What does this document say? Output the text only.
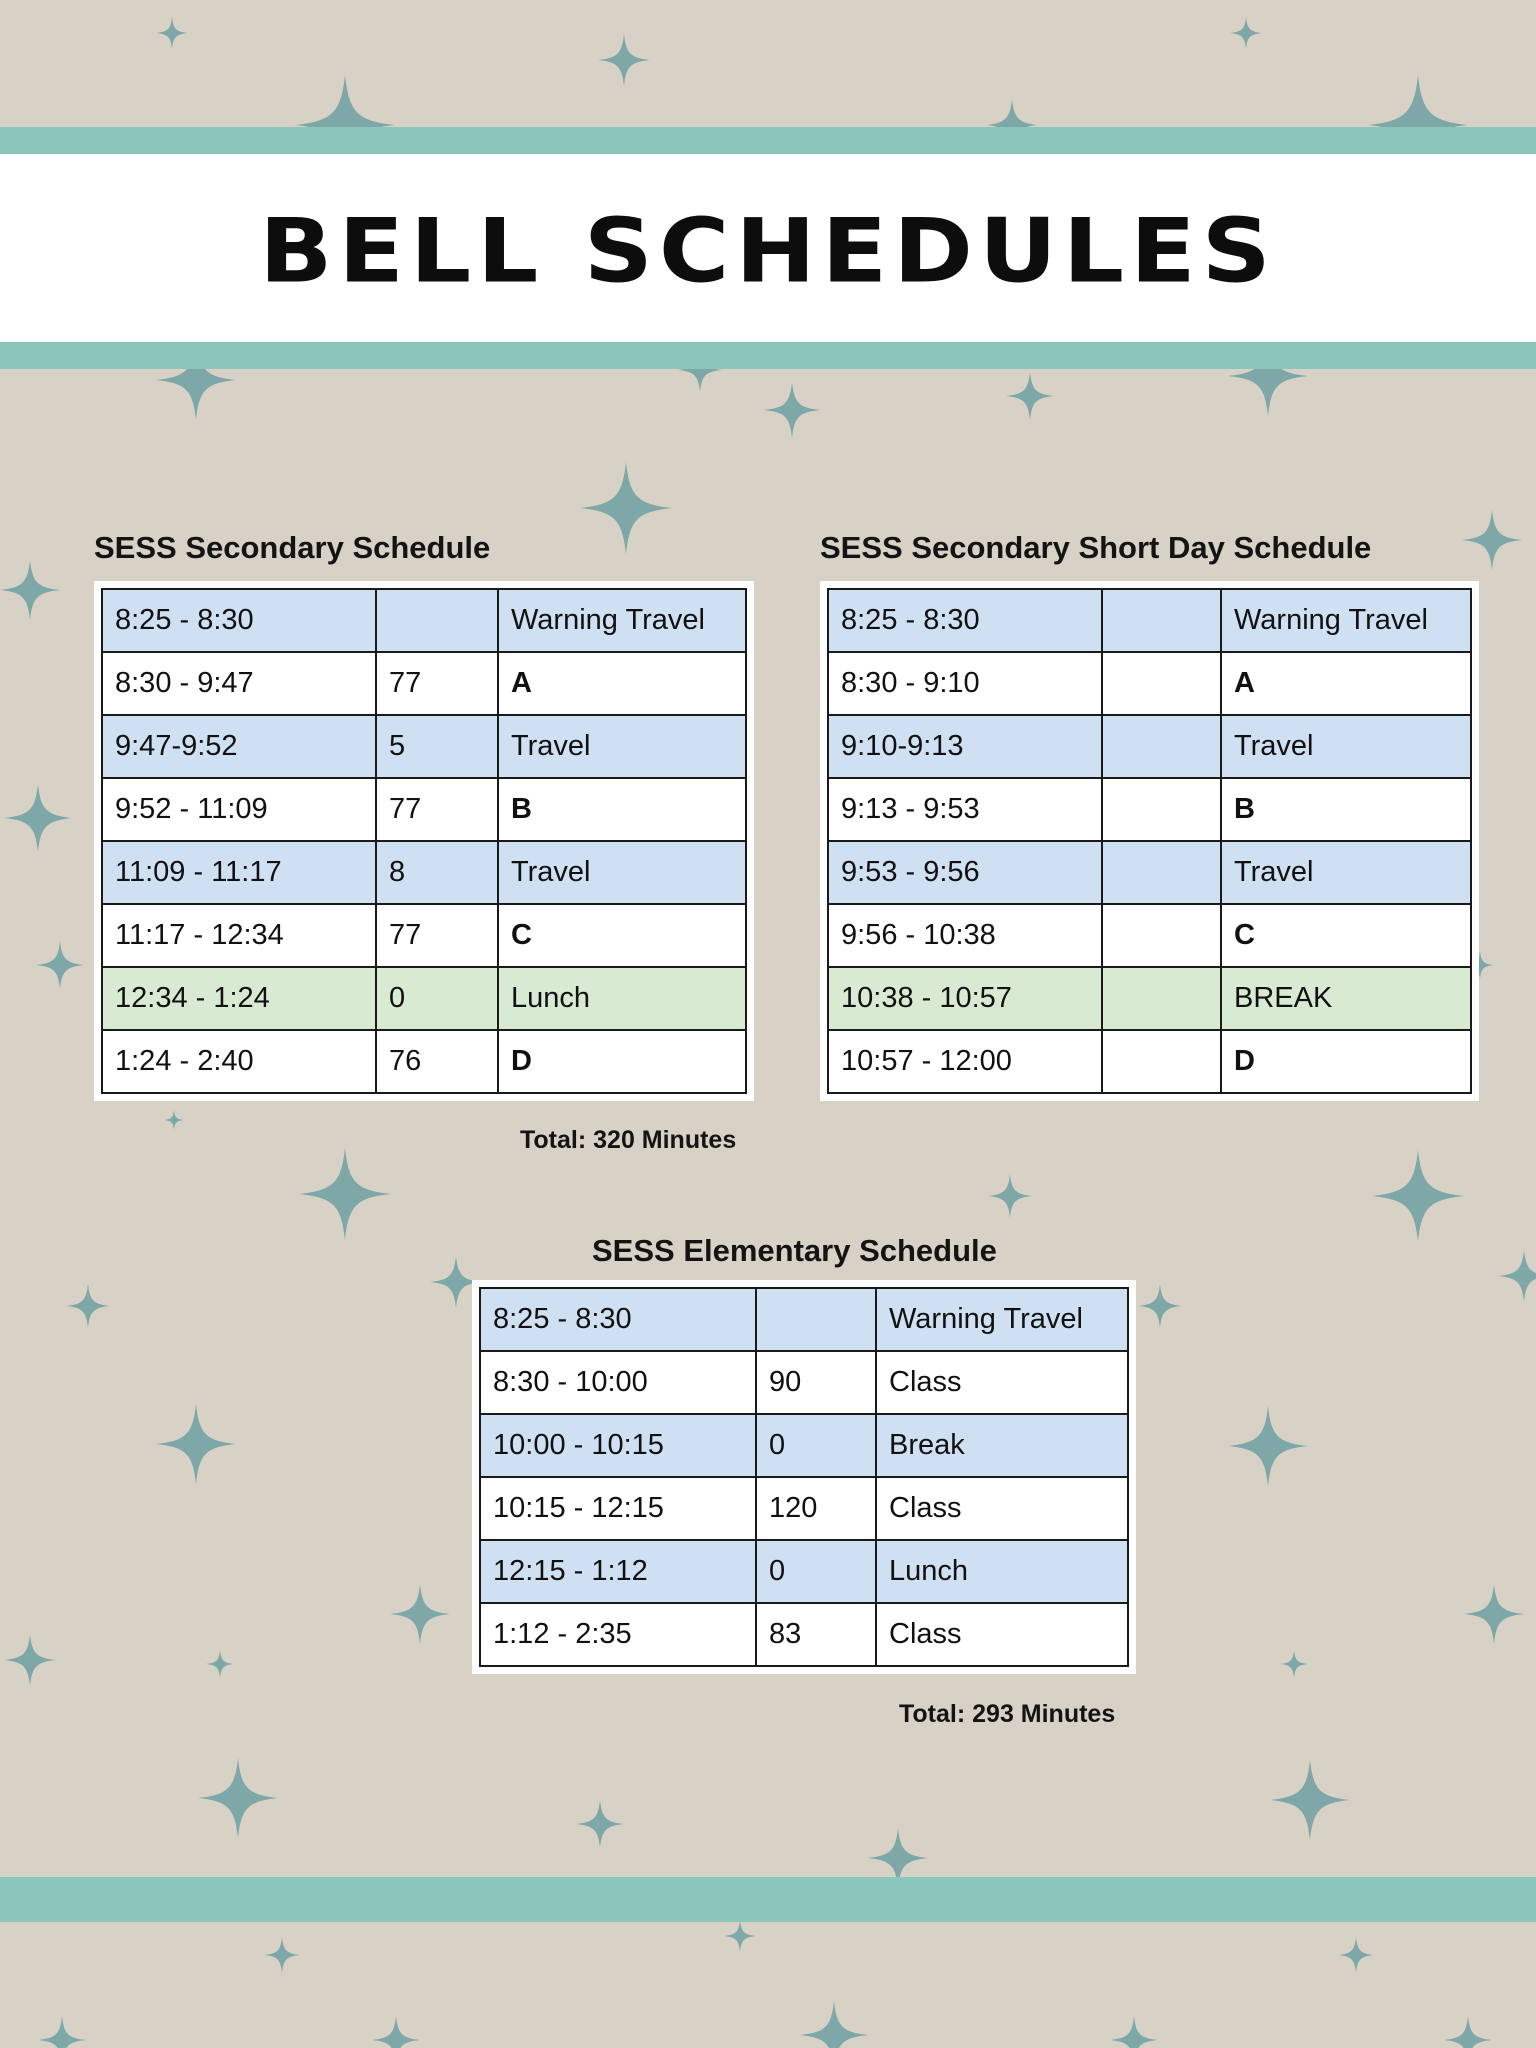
BELL SCHEDULES
SESS Secondary Schedule
8:25 - 8:30		Warning Travel
8:30 - 9:47	77	A
9:47-9:52	5	Travel
9:52 - 11:09	77	B
11:09 - 11:17	8	Travel
11:17 - 12:34	77	C
12:34 - 1:24	0	Lunch
1:24 - 2:40	76	D
Total: 320 Minutes
SESS Secondary Short Day Schedule
8:25 - 8:30		Warning Travel
8:30 - 9:10		A
9:10-9:13		Travel
9:13 - 9:53		B
9:53 - 9:56		Travel
9:56 - 10:38		C
10:38 - 10:57		BREAK
10:57 - 12:00		D
SESS Elementary Schedule
8:25 - 8:30		Warning Travel
8:30 - 10:00	90	Class
10:00 - 10:15	0	Break
10:15 - 12:15	120	Class
12:15 - 1:12	0	Lunch
1:12 - 2:35	83	Class
Total: 293 Minutes
